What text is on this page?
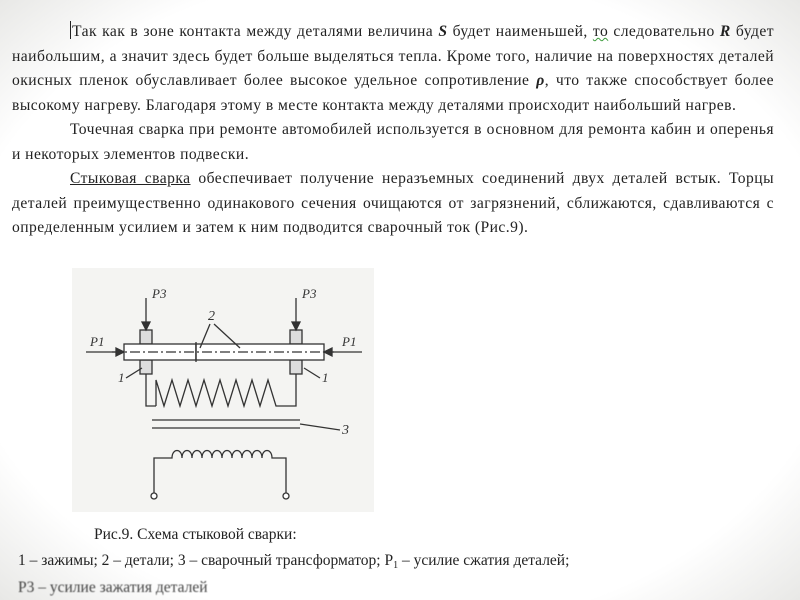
Так как в зоне контакта между деталями величина S будет наименьшей, то следовательно R будет наибольшим, а значит здесь будет больше выделяться тепла. Кроме того, наличие на поверхностях деталей окисных пленок обуславливает более высокое удельное сопротивление ρ, что также способствует более высокому нагреву. Благодаря этому в месте контакта между деталями происходит наибольший нагрев.

Точечная сварка при ремонте автомобилей используется в основном для ремонта кабин и оперенья и некоторых элементов подвески.

Стыковая сварка обеспечивает получение неразъемных соединений двух деталей встык. Торцы деталей преимущественно одинакового сечения очищаются от загрязнений, сближаются, сдавливаются с определенным усилием и затем к ним подводится сварочный ток (Рис.9).

P3	P3
P1	P1
2
1	1
3
Рис.9. Схема стыковой сварки:
1 – зажимы; 2 – детали; 3 – сварочный трансформатор; $Р_1$ – усилие сжатия деталей;
Р3 – усилие зажатия деталей
